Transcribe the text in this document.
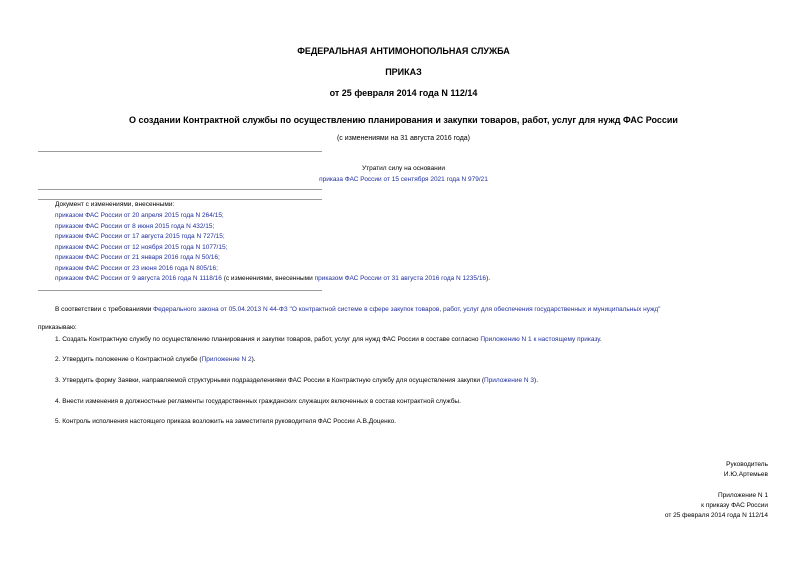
ФЕДЕРАЛЬНАЯ АНТИМОНОПОЛЬНАЯ СЛУЖБА
ПРИКАЗ
от 25 февраля 2014 года N 112/14
О создании Контрактной службы по осуществлению планирования и закупки товаров, работ, услуг для нужд ФАС России
(с изменениями на 31 августа 2016 года)
Утратил силу на основании
приказа ФАС России от 15 сентября 2021 года N 979/21
Документ с изменениями, внесенными:
приказом ФАС России от 20 апреля 2015 года N 264/15;
приказом ФАС России от 8 июня 2015 года N 432/15;
приказом ФАС России от 17 августа 2015 года N 727/15;
приказом ФАС России от 12 ноября 2015 года N 1077/15;
приказом ФАС России от 21 января 2016 года N 50/16;
приказом ФАС России от 23 июня 2016 года N 805/16;
приказом ФАС России от 9 августа 2016 года N 1118/16 (с изменениями, внесенными приказом ФАС России от 31 августа 2016 года N 1235/16).
В соответствии с требованиями Федерального закона от 05.04.2013 N 44-ФЗ "О контрактной системе в сфере закупок товаров, работ, услуг для обеспечения государственных и муниципальных нужд"
приказываю:
1. Создать Контрактную службу по осуществлению планирования и закупки товаров, работ, услуг для нужд ФАС России в составе согласно Приложению N 1 к настоящему приказу.
2. Утвердить положение о Контрактной службе (Приложение N 2).
3. Утвердить форму Заявки, направляемой структурными подразделениями ФАС России в Контрактную службу для осуществления закупки (Приложение N 3).
4. Внести изменения в должностные регламенты государственных гражданских служащих включенных в состав контрактной службы.
5. Контроль исполнения настоящего приказа возложить на заместителя руководителя ФАС России А.В.Доценко.
Руководитель
И.Ю.Артемьев
Приложение N 1
к приказу ФАС России
от 25 февраля 2014 года N 112/14
